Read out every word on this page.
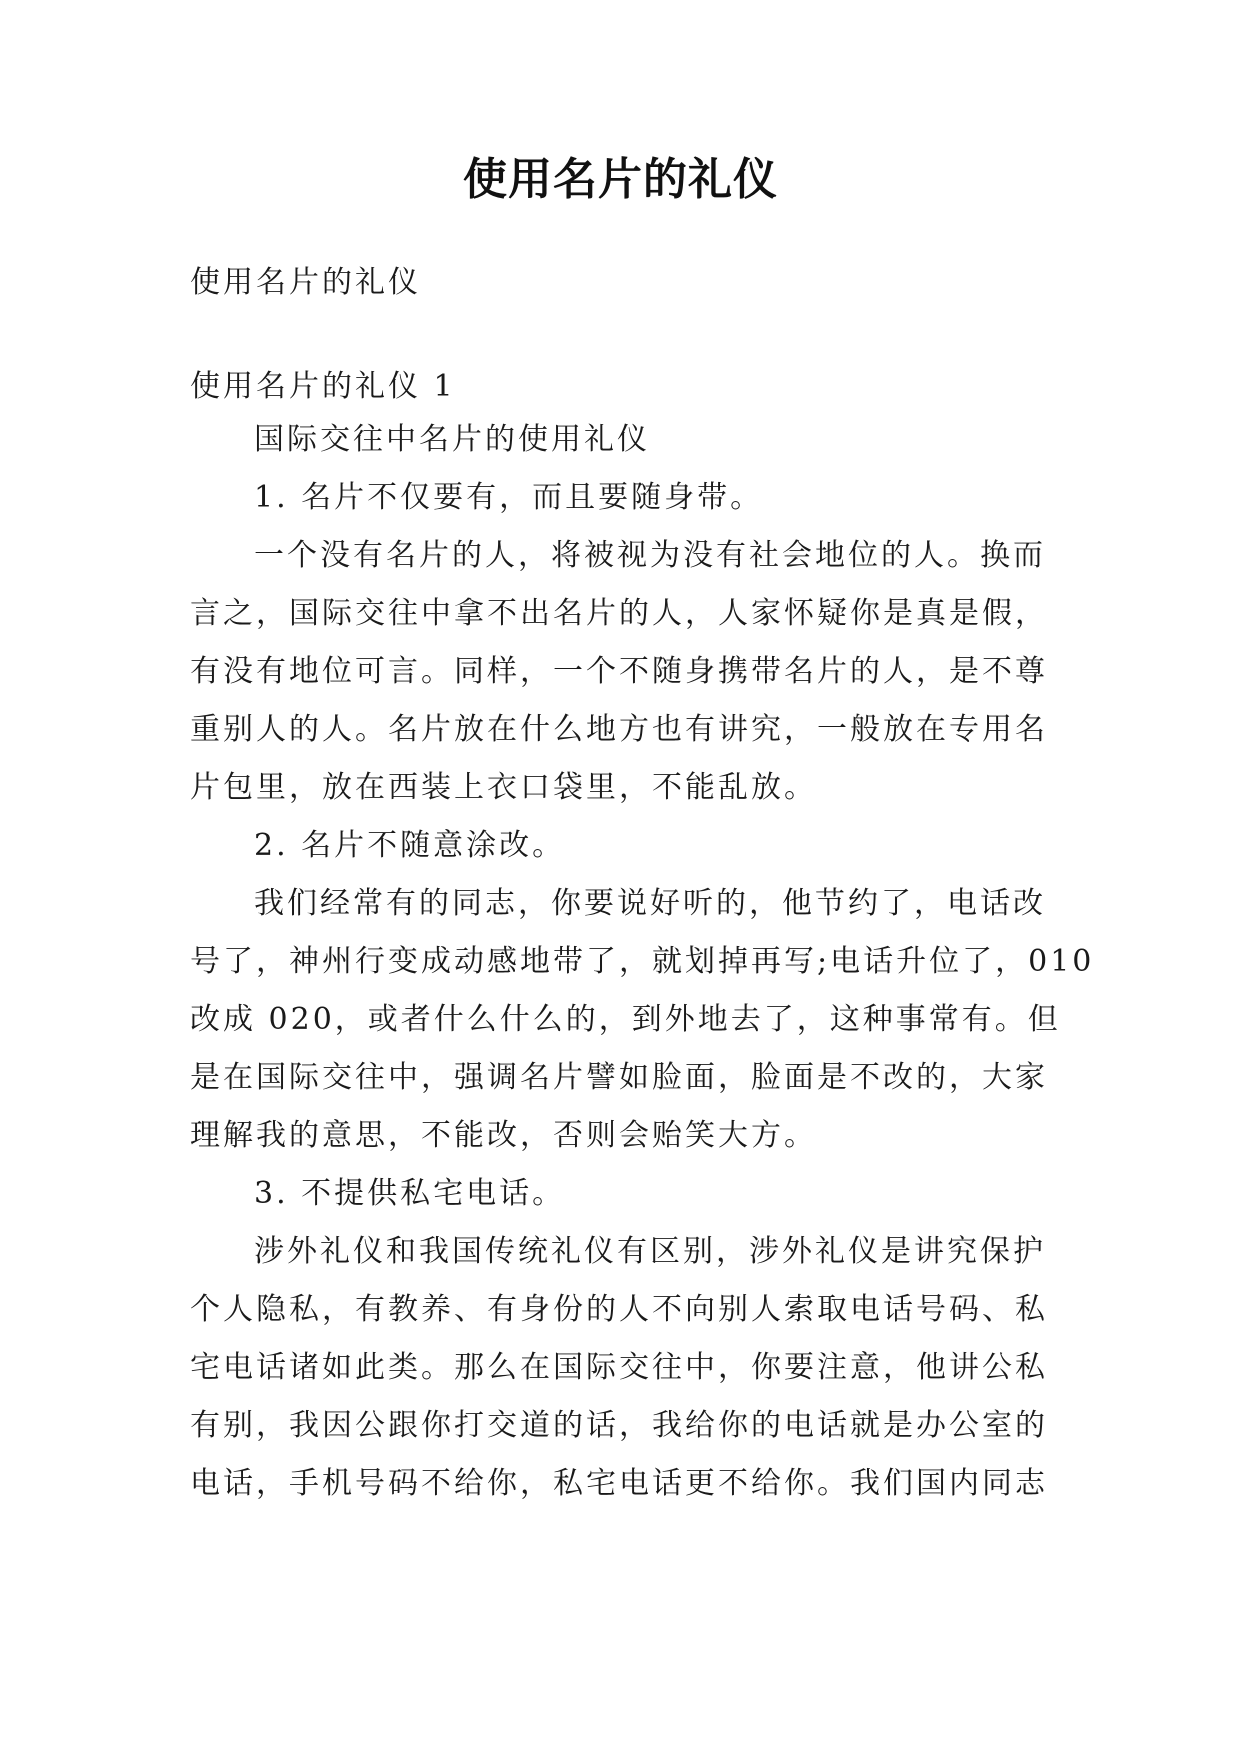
使用名片的礼仪
使用名片的礼仪
使用名片的礼仪 1
国际交往中名片的使用礼仪
1. 名片不仅要有，而且要随身带。
一个没有名片的人，将被视为没有社会地位的人。换而
言之，国际交往中拿不出名片的人，人家怀疑你是真是假，
有没有地位可言。同样，一个不随身携带名片的人，是不尊
重别人的人。名片放在什么地方也有讲究，一般放在专用名
片包里，放在西装上衣口袋里，不能乱放。
2. 名片不随意涂改。
我们经常有的同志，你要说好听的，他节约了，电话改
号了，神州行变成动感地带了，就划掉再写;电话升位了，010
改成 020，或者什么什么的，到外地去了，这种事常有。但
是在国际交往中，强调名片譬如脸面，脸面是不改的，大家
理解我的意思，不能改，否则会贻笑大方。
3. 不提供私宅电话。
涉外礼仪和我国传统礼仪有区别，涉外礼仪是讲究保护
个人隐私，有教养、有身份的人不向别人索取电话号码、私
宅电话诸如此类。那么在国际交往中，你要注意，他讲公私
有别，我因公跟你打交道的话，我给你的电话就是办公室的
电话，手机号码不给你，私宅电话更不给你。我们国内同志
